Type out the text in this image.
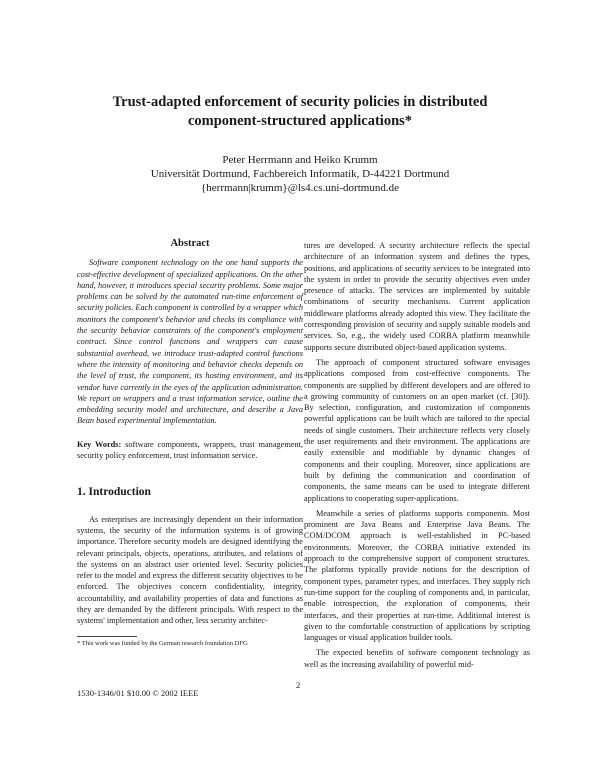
Trust-adapted enforcement of security policies in distributed
component-structured applications*
Peter Herrmann and Heiko Krumm
Universität Dortmund, Fachbereich Informatik, D-44221 Dortmund
{herrmann|krumm}@ls4.cs.uni-dortmund.de
Abstract

Software component technology on the one hand supports the cost-effective development of specialized applications. On the other hand, however, it introduces special security problems. Some major problems can be solved by the automated run-time enforcement of security policies. Each component is controlled by a wrapper which monitors the component's behavior and checks its compliance with the security behavior constraints of the component's employment contract. Since control functions and wrappers can cause substantial overhead, we introduce trust-adapted control functions where the intensity of monitoring and behavior checks depends on the level of trust, the component, its hosting environment, and its vendor have currently in the eyes of the application administration. We report on wrappers and a trust information service, outline the embedding security model and architecture, and describe a Java Bean based experimental implementation.

Key Words: software components, wrappers, trust management, security policy enforcement, trust information service.

1. Introduction

As enterprises are increasingly dependent on their information systems, the security of the information systems is of growing importance. Therefore security models are designed identifying the relevant principals, objects, operations, attributes, and relations of the systems on an abstract user oriented level. Security policies refer to the model and express the different security objectives to be enforced. The objectives concern confidentiality, integrity, accountability, and availability properties of data and functions as they are demanded by the different principals. With respect to the systems' implementation and other, less security architec-

tures are developed. A security architecture reflects the special architecture of an information system and defines the types, positions, and applications of security services to be integrated into the system in order to provide the security objectives even under presence of attacks. The services are implemented by suitable combinations of security mechanisms. Current application middleware platforms already adopted this view. They facilitate the corresponding provision of security and supply suitable models and services. So, e.g., the widely used CORBA platform meanwhile supports secure distributed object-based application systems.

The approach of component structured software envisages applications composed from cost-effective components. The components are supplied by different developers and are offered to a growing community of customers on an open market (cf. [30]). By selection, configuration, and customization of components powerful applications can be built which are tailored to the special needs of single customers. Their architecture reflects very closely the user requirements and their environment. The applications are easily extensible and modifiable by dynamic changes of components and their coupling. Moreover, since applications are built by defining the communication and coordination of components, the same means can be used to integrate different applications to cooperating super-applications.

Meanwhile a series of platforms supports components. Most prominent are Java Beans and Enterprise Java Beans. The COM/DCOM approach is well-established in PC-based environments. Moreover, the CORBA initiative extended its approach to the comprehensive support of component structures. The platforms typically provide notions for the description of component types, parameter types, and interfaces. They supply rich run-time support for the coupling of components and, in particular, enable introspection, the exploration of components, their interfaces, and their properties at run-time. Additional interest is given to the comfortable construction of applications by scripting languages or visual application builder tools.

The expected benefits of software component technology as well as the increasing availability of powerful mid-

* This work was funded by the German research foundation DFG
2
1530-1346/01 $10.00 © 2002 IEEE
